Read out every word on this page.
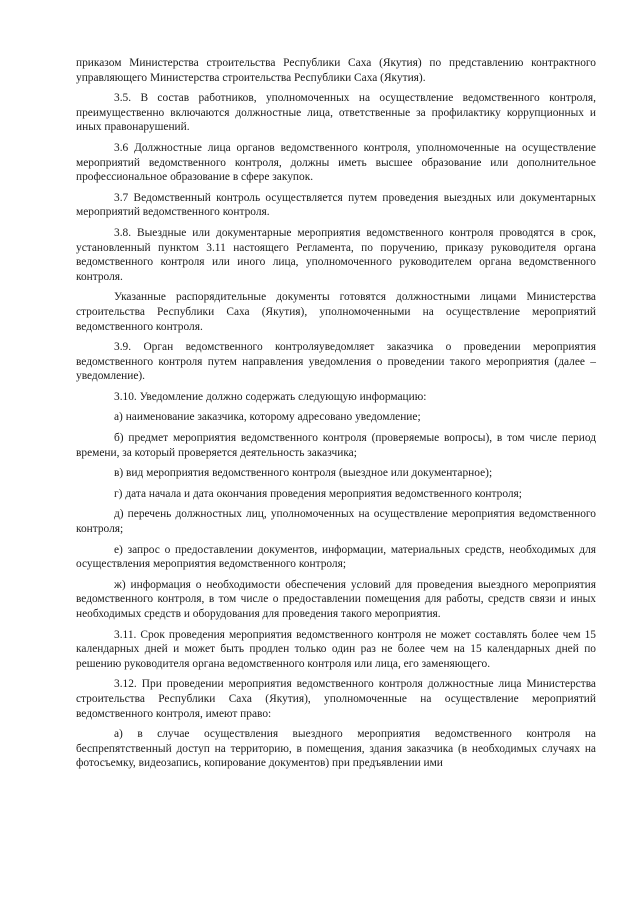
приказом Министерства строительства Республики Саха (Якутия) по представлению контрактного управляющего Министерства строительства Республики Саха (Якутия).

3.5. В состав работников, уполномоченных на осуществление ведомственного контроля, преимущественно включаются должностные лица, ответственные за профилактику коррупционных и иных правонарушений.

3.6 Должностные лица органов ведомственного контроля, уполномоченные на осуществление мероприятий ведомственного контроля, должны иметь высшее образование или дополнительное профессиональное образование в сфере закупок.

3.7 Ведомственный контроль осуществляется путем проведения выездных или документарных мероприятий ведомственного контроля.

3.8. Выездные или документарные мероприятия ведомственного контроля проводятся в срок, установленный пунктом 3.11 настоящего Регламента, по поручению, приказу руководителя органа ведомственного контроля или иного лица, уполномоченного руководителем органа ведомственного контроля.

Указанные распорядительные документы готовятся должностными лицами Министерства строительства Республики Саха (Якутия), уполномоченными на осуществление мероприятий ведомственного контроля.

3.9. Орган ведомственного контроляуведомляет заказчика о проведении мероприятия ведомственного контроля путем направления уведомления о проведении такого мероприятия (далее – уведомление).

3.10. Уведомление должно содержать следующую информацию:

а) наименование заказчика, которому адресовано уведомление;

б) предмет мероприятия ведомственного контроля (проверяемые вопросы), в том числе период времени, за который проверяется деятельность заказчика;

в) вид мероприятия ведомственного контроля (выездное или документарное);

г) дата начала и дата окончания проведения мероприятия ведомственного контроля;

д) перечень должностных лиц, уполномоченных на осуществление мероприятия ведомственного контроля;

е) запрос о предоставлении документов, информации, материальных средств, необходимых для осуществления мероприятия ведомственного контроля;

ж) информация о необходимости обеспечения условий для проведения выездного мероприятия ведомственного контроля, в том числе о предоставлении помещения для работы, средств связи и иных необходимых средств и оборудования для проведения такого мероприятия.

3.11. Срок проведения мероприятия ведомственного контроля не может составлять более чем 15 календарных дней и может быть продлен только один раз не более чем на 15 календарных дней по решению руководителя органа ведомственного контроля или лица, его заменяющего.

3.12. При проведении мероприятия ведомственного контроля должностные лица Министерства строительства Республики Саха (Якутия), уполномоченные на осуществление мероприятий ведомственного контроля, имеют право:

а) в случае осуществления выездного мероприятия ведомственного контроля на беспрепятственный доступ на территорию, в помещения, здания заказчика (в необходимых случаях на фотосъемку, видеозапись, копирование документов) при предъявлении ими
